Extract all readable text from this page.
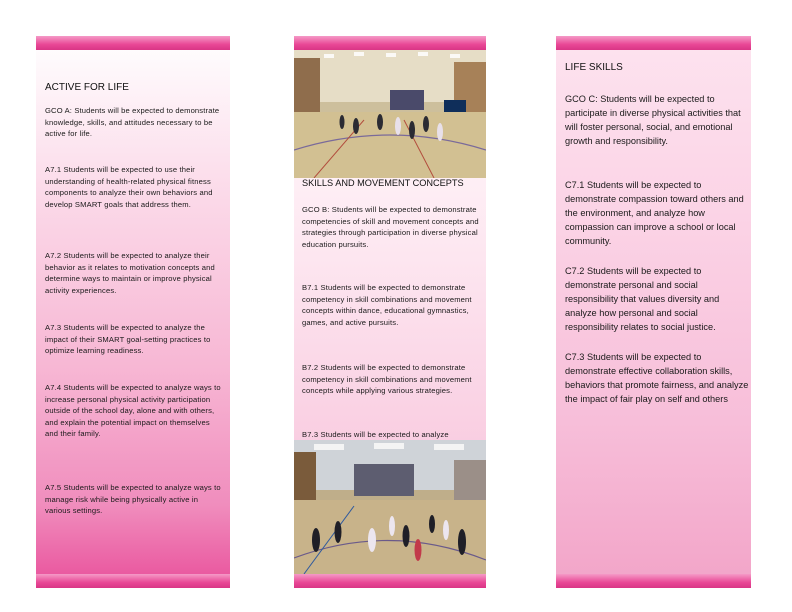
ACTIVE FOR LIFE
GCO A: Students will be expected to demonstrate knowledge, skills, and attitudes necessary to be active for life.
A7.1 Students will be expected to use their understanding of health-related physical fitness components to analyze their own behaviors and develop SMART goals that address them.
A7.2 Students will be expected to analyze their behavior as it relates to motivation concepts and determine ways to maintain or improve physical activity experiences.
A7.3 Students will be expected to analyze the impact of their SMART goal-setting practices to optimize learning readiness.
A7.4 Students will be expected to analyze ways to increase personal physical activity participation outside of the school day, alone and with others, and explain the potential impact on themselves and their family.
A7.5 Students will be expected to analyze ways to manage risk while being physically active in various settings.
SKILLS AND MOVEMENT CONCEPTS
GCO B: Students will be expected to demonstrate competencies of skill and movement concepts and strategies through participation in diverse physical education pursuits.
B7.1 Students will be expected to demonstrate competency in skill combinations and movement concepts within dance, educational gymnastics, games, and active pursuits.
B7.2 Students will be expected to demonstrate competency in skill combinations and movement concepts while applying various strategies.
B7.3 Students will be expected to analyze
LIFE SKILLS
GCO C: Students will be expected to participate in diverse physical activities that will foster personal, social, and emotional growth and responsibility.
C7.1 Students will be expected to demonstrate compassion toward others and the environment, and analyze how compassion can improve a school or local community.
C7.2 Students will be expected to demonstrate personal and social responsibility that values diversity and analyze how personal and social responsibility relates to social justice.
C7.3 Students will be expected to demonstrate effective collaboration skills, behaviors that promote fairness, and analyze the impact of fair play on self and others
